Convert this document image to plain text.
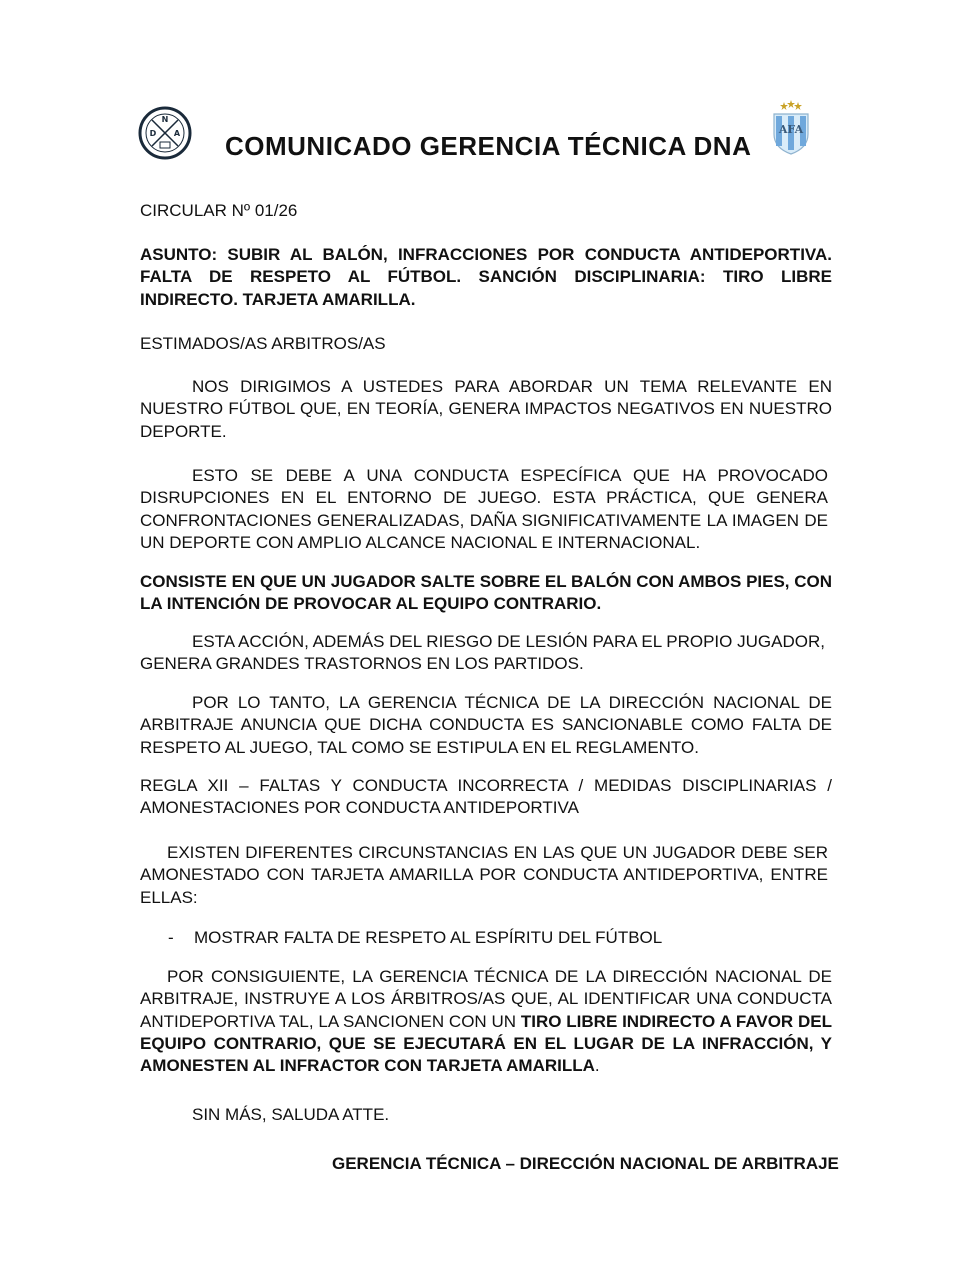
N
D A	AFA
COMUNICADO GERENCIA TÉCNICA DNA

CIRCULAR Nº 01/26

ASUNTO: SUBIR AL BALÓN, INFRACCIONES POR CONDUCTA ANTIDEPORTIVA. FALTA DE RESPETO AL FÚTBOL. SANCIÓN DISCIPLINARIA: TIRO LIBRE INDIRECTO. TARJETA AMARILLA.

ESTIMADOS/AS ARBITROS/AS

NOS DIRIGIMOS A USTEDES PARA ABORDAR UN TEMA RELEVANTE EN NUESTRO FÚTBOL QUE, EN TEORÍA, GENERA IMPACTOS NEGATIVOS EN NUESTRO DEPORTE.

ESTO SE DEBE A UNA CONDUCTA ESPECÍFICA QUE HA PROVOCADO DISRUPCIONES EN EL ENTORNO DE JUEGO. ESTA PRÁCTICA, QUE GENERA CONFRONTACIONES GENERALIZADAS, DAÑA SIGNIFICATIVAMENTE LA IMAGEN DE UN DEPORTE CON AMPLIO ALCANCE NACIONAL E INTERNACIONAL.

CONSISTE EN QUE UN JUGADOR SALTE SOBRE EL BALÓN CON AMBOS PIES, CON

LA INTENCIÓN DE PROVOCAR AL EQUIPO CONTRARIO.

ESTA ACCIÓN, ADEMÁS DEL RIESGO DE LESIÓN PARA EL PROPIO JUGADOR,

GENERA GRANDES TRASTORNOS EN LOS PARTIDOS.

POR LO TANTO, LA GERENCIA TÉCNICA DE LA DIRECCIÓN NACIONAL DE ARBITRAJE ANUNCIA QUE DICHA CONDUCTA ES SANCIONABLE COMO FALTA DE RESPETO AL JUEGO, TAL COMO SE ESTIPULA EN EL REGLAMENTO.

REGLA XII – FALTAS Y CONDUCTA INCORRECTA / MEDIDAS DISCIPLINARIAS / AMONESTACIONES POR CONDUCTA ANTIDEPORTIVA

EXISTEN DIFERENTES CIRCUNSTANCIAS EN LAS QUE UN JUGADOR DEBE SER AMONESTADO CON TARJETA AMARILLA POR CONDUCTA ANTIDEPORTIVA, ENTRE ELLAS:

- MOSTRAR FALTA DE RESPETO AL ESPÍRITU DEL FÚTBOL

POR CONSIGUIENTE, LA GERENCIA TÉCNICA DE LA DIRECCIÓN NACIONAL DE ARBITRAJE, INSTRUYE A LOS ÁRBITROS/AS QUE, AL IDENTIFICAR UNA CONDUCTA ANTIDEPORTIVA TAL, LA SANCIONEN CON UN TIRO LIBRE INDIRECTO A FAVOR DEL EQUIPO CONTRARIO, QUE SE EJECUTARÁ EN EL LUGAR DE LA INFRACCIÓN, Y AMONESTEN AL INFRACTOR CON TARJETA AMARILLA.

SIN MÁS, SALUDA ATTE.

GERENCIA TÉCNICA – DIRECCIÓN NACIONAL DE ARBITRAJE
